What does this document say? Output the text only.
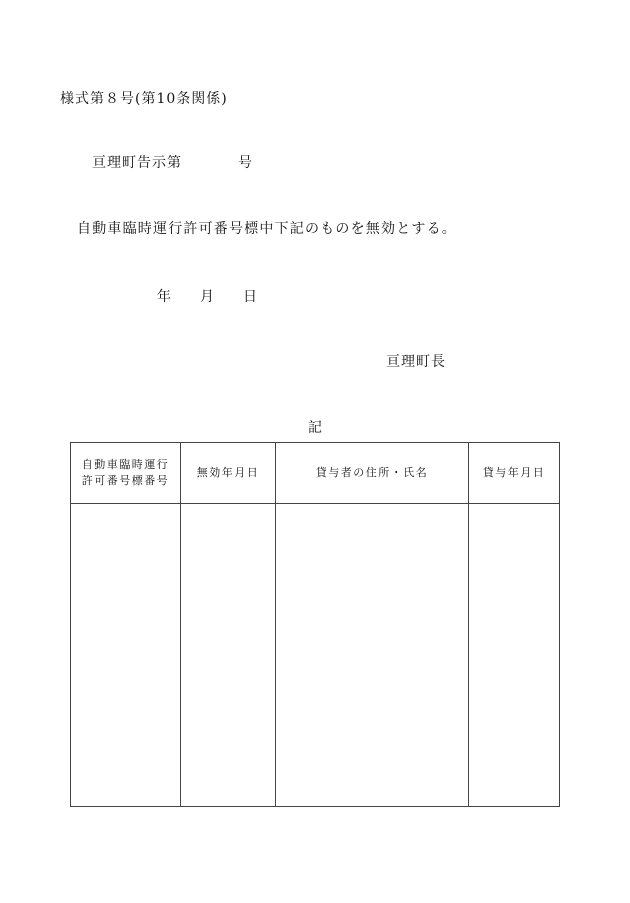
様式第８号(第10条関係)
亘理町告示第	号
自動車臨時運行許可番号標中下記のものを無効とする。
年 月 日
亘理町長
記
自動車臨時運行
許可番号標番号	無効年月日	貸与者の住所・氏名	貸与年月日
